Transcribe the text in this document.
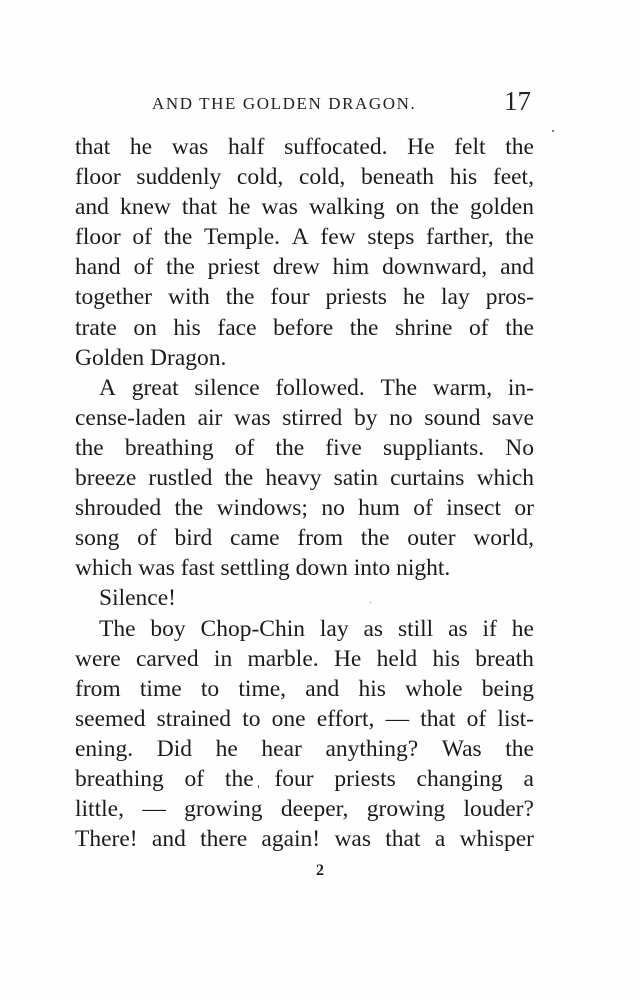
AND THE GOLDEN DRAGON.	17
that he was half suffocated. He felt the
floor suddenly cold, cold, beneath his feet,
and knew that he was walking on the golden
floor of the Temple. A few steps farther, the
hand of the priest drew him downward, and
together with the four priests he lay pros-
trate on his face before the shrine of the
Golden Dragon.
A great silence followed. The warm, in-
cense-laden air was stirred by no sound save
the breathing of the five suppliants. No
breeze rustled the heavy satin curtains which
shrouded the windows; no hum of insect or
song of bird came from the outer world,
which was fast settling down into night.
Silence!
The boy Chop-Chin lay as still as if he
were carved in marble. He held his breath
from time to time, and his whole being
seemed strained to one effort, — that of list-
ening. Did he hear anything? Was the
breathing of the four priests changing a
little, — growing deeper, growing louder?
There! and there again! was that a whisper
2
